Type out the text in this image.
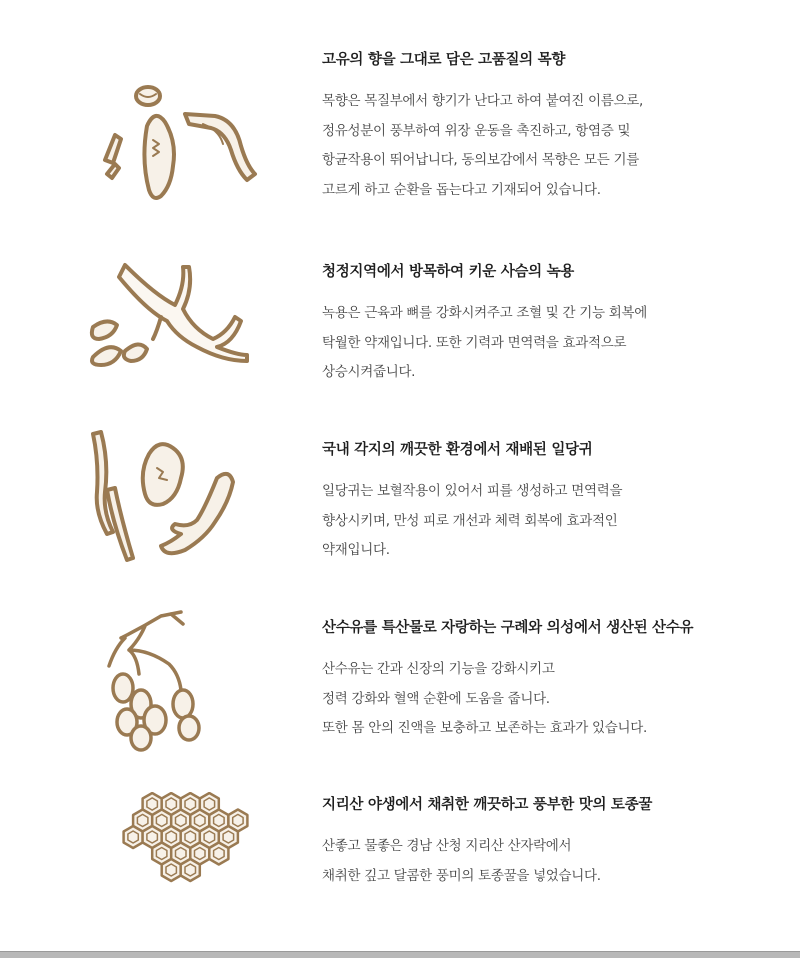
고유의 향을 그대로 담은 고품질의 목향

목향은 목질부에서 향기가 난다고 하여 붙여진 이름으로,
정유성분이 풍부하여 위장 운동을 촉진하고, 항염증 및
항균작용이 뛰어납니다, 동의보감에서 목향은 모든 기를
고르게 하고 순환을 돕는다고 기재되어 있습니다.

청정지역에서 방목하여 키운 사슴의 녹용

녹용은 근육과 뼈를 강화시켜주고 조혈 및 간 기능 회복에
탁월한 약재입니다. 또한 기력과 면역력을 효과적으로
상승시켜줍니다.

국내 각지의 깨끗한 환경에서 재배된 일당귀

일당귀는 보혈작용이 있어서 피를 생성하고 면역력을
향상시키며, 만성 피로 개선과 체력 회복에 효과적인
약재입니다.

산수유를 특산물로 자랑하는 구례와 의성에서 생산된 산수유

산수유는 간과 신장의 기능을 강화시키고
정력 강화와 혈액 순환에 도움을 줍니다.
또한 몸 안의 진액을 보충하고 보존하는 효과가 있습니다.

지리산 야생에서 채취한 깨끗하고 풍부한 맛의 토종꿀

산좋고 물좋은 경남 산청 지리산 산자락에서
채취한 깊고 달콤한 풍미의 토종꿀을 넣었습니다.
